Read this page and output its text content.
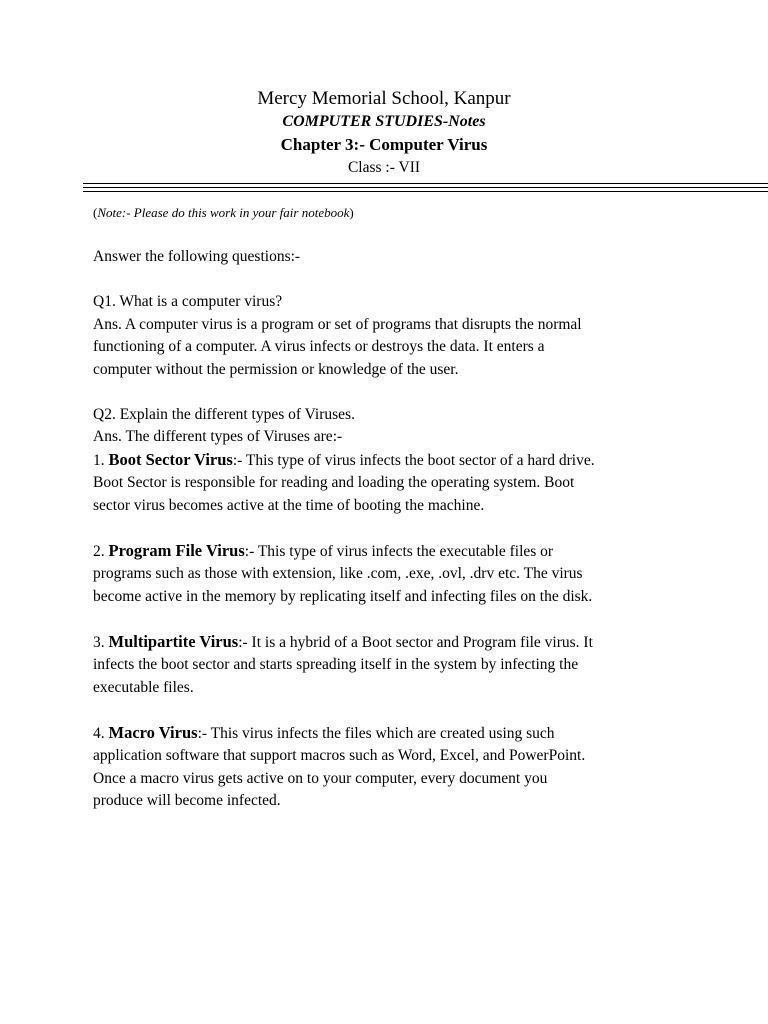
Mercy Memorial School, Kanpur
COMPUTER STUDIES-Notes
Chapter 3:- Computer Virus
Class :- VII
(Note:- Please do this work in your fair notebook)

Answer the following questions:-

Q1. What is a computer virus?

Ans. A computer virus is a program or set of programs that disrupts the normal

functioning of a computer. A virus infects or destroys the data. It enters a

computer without the permission or knowledge of the user.

Q2. Explain the different types of Viruses.

Ans. The different types of Viruses are:-

1. Boot Sector Virus:- This type of virus infects the boot sector of a hard drive.

Boot Sector is responsible for reading and loading the operating system. Boot

sector virus becomes active at the time of booting the machine.

2. Program File Virus:- This type of virus infects the executable files or

programs such as those with extension, like .com, .exe, .ovl, .drv etc. The virus

become active in the memory by replicating itself and infecting files on the disk.

3. Multipartite Virus:- It is a hybrid of a Boot sector and Program file virus. It

infects the boot sector and starts spreading itself in the system by infecting the

executable files.

4. Macro Virus:- This virus infects the files which are created using such

application software that support macros such as Word, Excel, and PowerPoint.

Once a macro virus gets active on to your computer, every document you

produce will become infected.
